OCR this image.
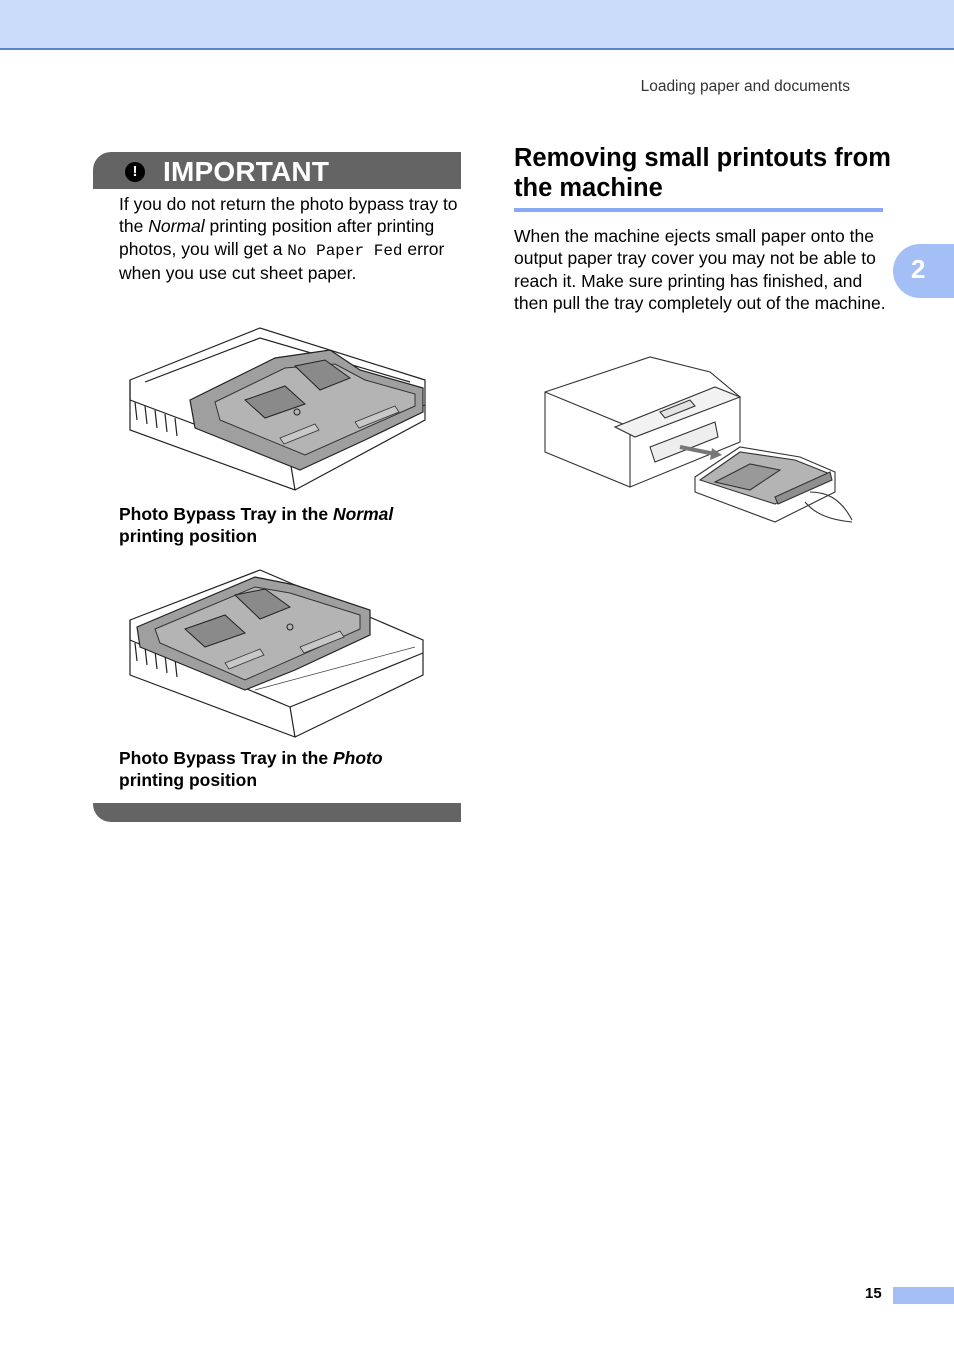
Loading paper and documents
2
! IMPORTANT
If you do not return the photo bypass tray to the Normal printing position after printing photos, you will get a No Paper Fed error when you use cut sheet paper.
Photo Bypass Tray in the Normal printing position
Photo Bypass Tray in the Photo printing position
Removing small printouts from the machine
When the machine ejects small paper onto the output paper tray cover you may not be able to reach it. Make sure printing has finished, and then pull the tray completely out of the machine.
15
